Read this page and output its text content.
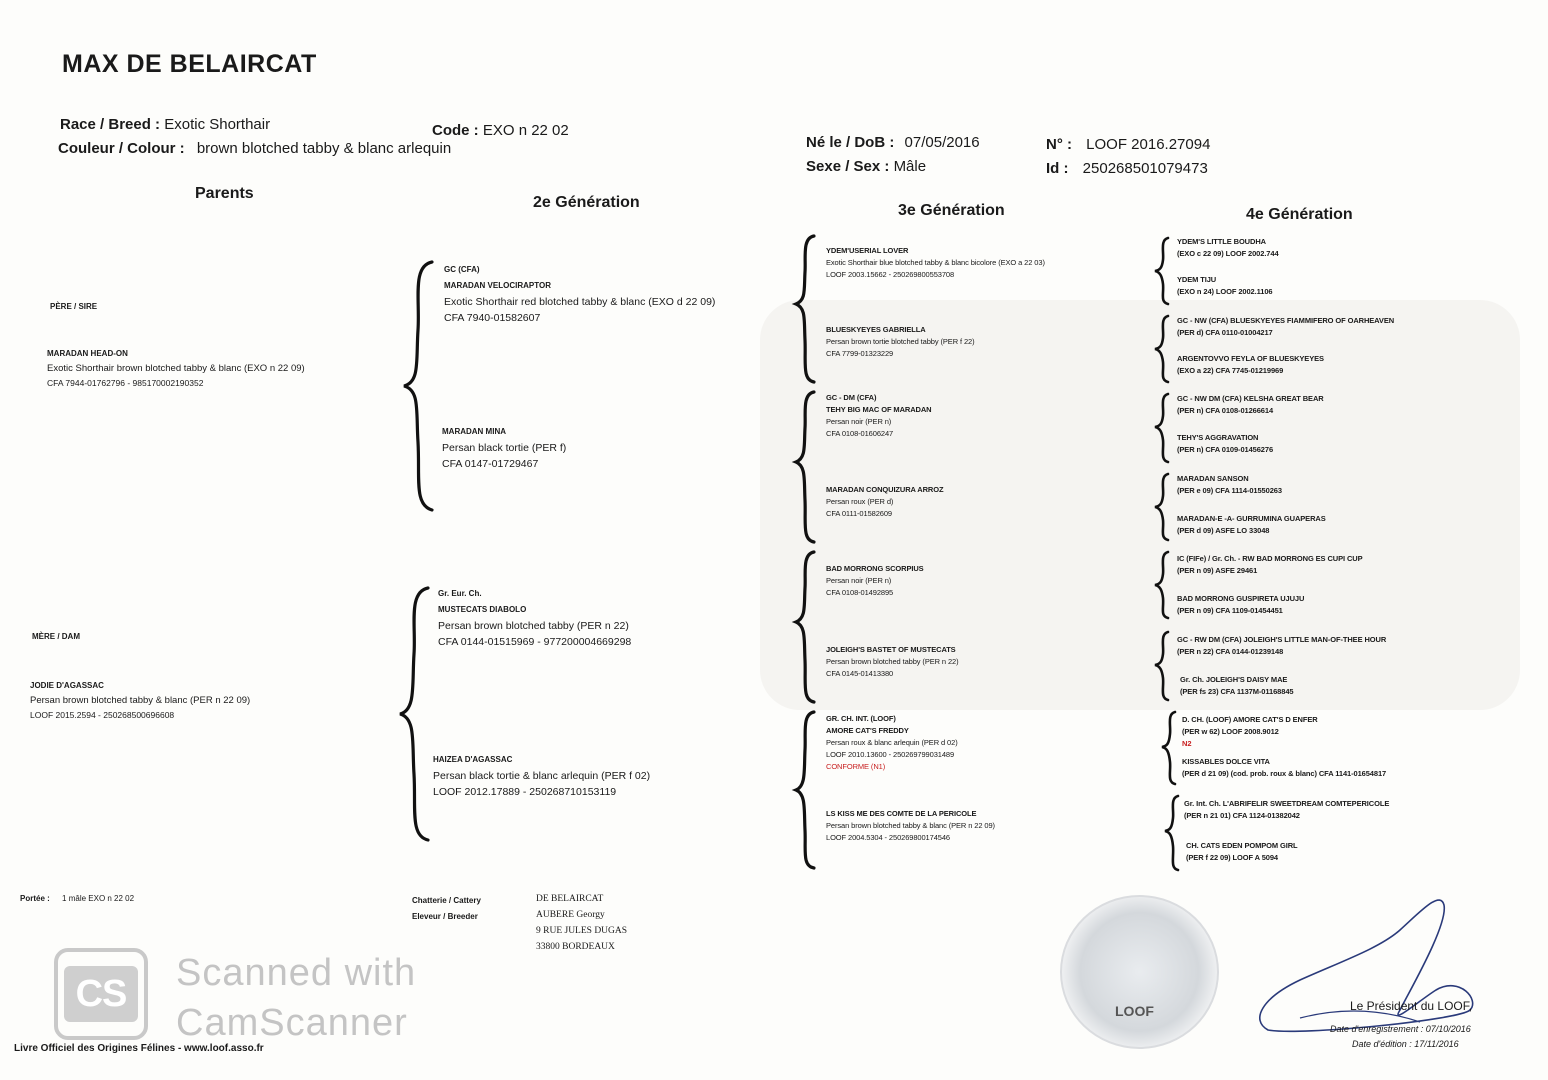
MAX DE BELAIRCAT
Race / Breed : Exotic Shorthair	Code : EXO n 22 02
Couleur / Colour : brown blotched tabby & blanc arlequin	Né le / DoB : 07/05/2016
Sexe / Sex : Mâle
N° : LOOF 2016.27094
Id : 250268501079473
Parents
2e Génération	3e Génération	4e Génération
PÈRE / SIRE
MARADAN HEAD-ON
Exotic Shorthair brown blotched tabby & blanc (EXO n 22 09)
CFA 7944-01762796 - 985170002190352
MÈRE / DAM
JODIE D'AGASSAC
Persan brown blotched tabby & blanc (PER n 22 09)
LOOF 2015.2594 - 250268500696608
GC (CFA)
MARADAN VELOCIRAPTOR
Exotic Shorthair red blotched tabby & blanc (EXO d 22 09)
CFA 7940-01582607
MARADAN MINA
Persan black tortie (PER f)
CFA 0147-01729467
Gr. Eur. Ch.
MUSTECATS DIABOLO
Persan brown blotched tabby (PER n 22)
CFA 0144-01515969 - 977200004669298
HAIZEA D'AGASSAC
Persan black tortie & blanc arlequin (PER f 02)
LOOF 2012.17889 - 250268710153119
YDEM'USERIAL LOVER
Exotic Shorthair blue blotched tabby & blanc bicolore (EXO a 22 03)
LOOF 2003.15662 - 250269800553708
BLUESKYEYES GABRIELLA
Persan brown tortie blotched tabby (PER f 22)
CFA 7799-01323229
GC - DM (CFA)
TEHY BIG MAC OF MARADAN
Persan noir (PER n)
CFA 0108-01606247
MARADAN CONQUIZURA ARROZ
Persan roux (PER d)
CFA 0111-01582609
BAD MORRONG SCORPIUS
Persan noir (PER n)
CFA 0108-01492895
JOLEIGH'S BASTET OF MUSTECATS
Persan brown blotched tabby (PER n 22)
CFA 0145-01413380
GR. CH. INT. (LOOF)
AMORE CAT'S FREDDY
Persan roux & blanc arlequin (PER d 02)
LOOF 2010.13600 - 250269799031489
CONFORME (N1)
LS KISS ME DES COMTE DE LA PERICOLE
Persan brown blotched tabby & blanc (PER n 22 09)
LOOF 2004.5304 - 250269800174546
YDEM'S LITTLE BOUDHA
(EXO c 22 09) LOOF 2002.744
YDEM TIJU
(EXO n 24) LOOF 2002.1106
GC - NW (CFA) BLUESKYEYES FIAMMIFERO OF OARHEAVEN
(PER d) CFA 0110-01004217
ARGENTOVVO FEYLA OF BLUESKYEYES
(EXO a 22) CFA 7745-01219969
GC - NW DM (CFA) KELSHA GREAT BEAR
(PER n) CFA 0108-01266614
TEHY'S AGGRAVATION
(PER n) CFA 0109-01456276
MARADAN SANSON
(PER e 09) CFA 1114-01550263
MARADAN-E -A- GURRUMINA GUAPERAS
(PER d 09) ASFE LO 33048
IC (FIFe) / Gr. Ch. - RW BAD MORRONG ES CUPI CUP
(PER n 09) ASFE 29461
BAD MORRONG GUSPIRETA UJUJU
(PER n 09) CFA 1109-01454451
GC - RW DM (CFA) JOLEIGH'S LITTLE MAN-OF-THEE HOUR
(PER n 22) CFA 0144-01239148
Gr. Ch. JOLEIGH'S DAISY MAE
(PER fs 23) CFA 1137M-01168845
D. CH. (LOOF) AMORE CAT'S D ENFER
(PER w 62) LOOF 2008.9012
N2
KISSABLES DOLCE VITA
(PER d 21 09) (cod. prob. roux & blanc) CFA 1141-01654817
Gr. Int. Ch. L'ABRIFELIR SWEETDREAM COMTEPERICOLE
(PER n 21 01) CFA 1124-01382042
CH. CATS EDEN POMPOM GIRL
(PER f 22 09) LOOF A 5094
Portée : 1 mâle EXO n 22 02	Chatterie / Cattery
Eleveur / Breeder
DE BELAIRCAT
AUBERE Georgy
9 RUE JULES DUGAS
33800 BORDEAUX
LOOF	Le Président du LOOF,
Date d'enregistrement : 07/10/2016
Date d'édition : 17/11/2016
Livre Officiel des Origines Félines - www.loof.asso.fr
CS	Scanned with
CamScanner
